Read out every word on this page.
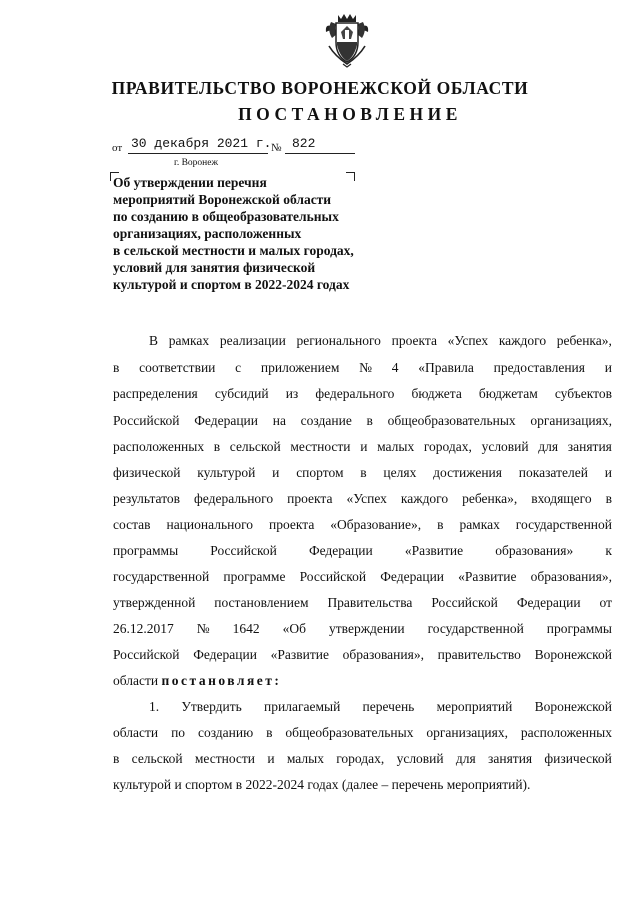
ПРАВИТЕЛЬСТВО ВОРОНЕЖСКОЙ ОБЛАСТИ
ПОСТАНОВЛЕНИЕ
от 30 декабря 2021 г. № 822
г. Воронеж
Об утверждении перечня
мероприятий Воронежской области
по созданию в общеобразовательных
организациях, расположенных
в сельской местности и малых городах,
условий для занятия физической
культурой и спортом в 2022-2024 годах
В рамках реализации регионального проекта «Успех каждого ребенка»,
в соответствии с приложением № 4 «Правила предоставления и
распределения субсидий из федерального бюджета бюджетам субъектов
Российской Федерации на создание в общеобразовательных организациях,
расположенных в сельской местности и малых городах, условий для занятия
физической культурой и спортом в целях достижения показателей и
результатов федерального проекта «Успех каждого ребенка», входящего в
состав национального проекта «Образование», в рамках государственной
программы Российской Федерации «Развитие образования» к
государственной программе Российской Федерации «Развитие образования»,
утвержденной постановлением Правительства Российской Федерации от
26.12.2017 № 1642 «Об утверждении государственной программы
Российской Федерации «Развитие образования», правительство Воронежской
области постановляет:
1. Утвердить прилагаемый перечень мероприятий Воронежской
области по созданию в общеобразовательных организациях, расположенных
в сельской местности и малых городах, условий для занятия физической
культурой и спортом в 2022-2024 годах (далее – перечень мероприятий).
